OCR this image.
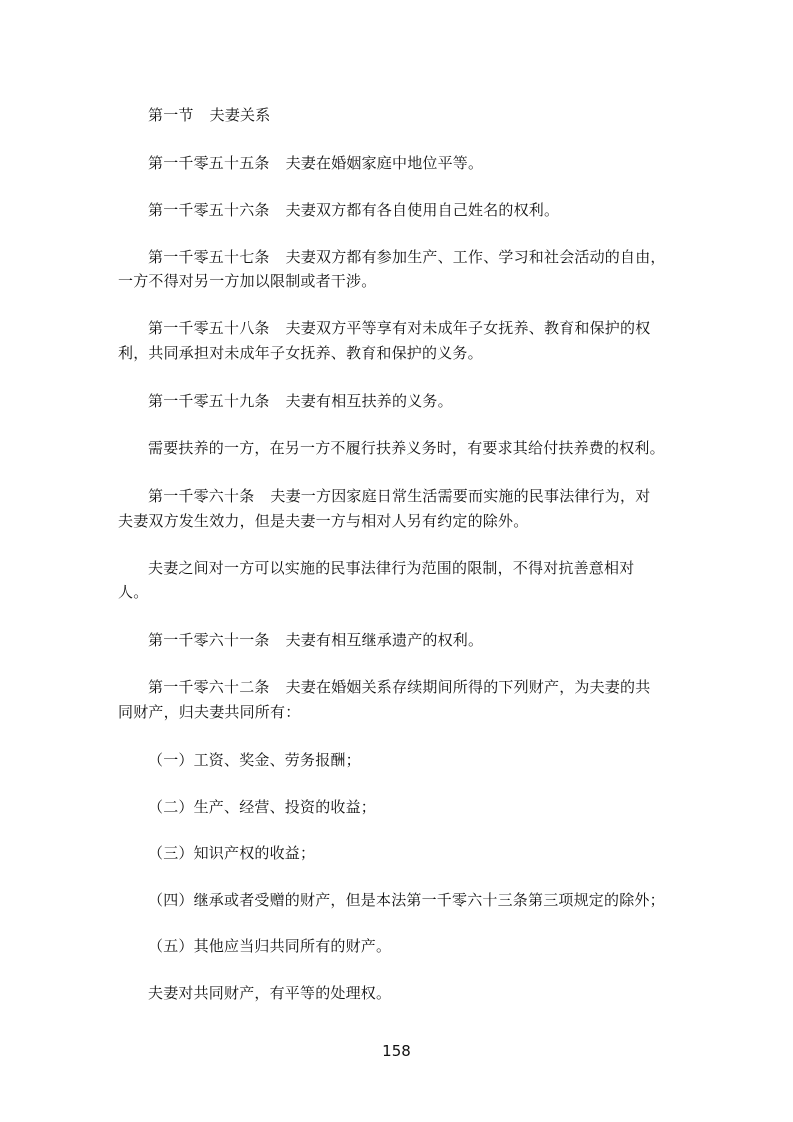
第一节 夫妻关系
第一千零五十五条 夫妻在婚姻家庭中地位平等。
第一千零五十六条 夫妻双方都有各自使用自己姓名的权利。
第一千零五十七条 夫妻双方都有参加生产、工作、学习和社会活动的自由，
一方不得对另一方加以限制或者干涉。
第一千零五十八条 夫妻双方平等享有对未成年子女抚养、教育和保护的权
利，共同承担对未成年子女抚养、教育和保护的义务。
第一千零五十九条 夫妻有相互扶养的义务。
需要扶养的一方，在另一方不履行扶养义务时，有要求其给付扶养费的权利。
第一千零六十条 夫妻一方因家庭日常生活需要而实施的民事法律行为，对
夫妻双方发生效力，但是夫妻一方与相对人另有约定的除外。
夫妻之间对一方可以实施的民事法律行为范围的限制，不得对抗善意相对
人。
第一千零六十一条 夫妻有相互继承遗产的权利。
第一千零六十二条 夫妻在婚姻关系存续期间所得的下列财产，为夫妻的共
同财产，归夫妻共同所有：
（一）工资、奖金、劳务报酬；
（二）生产、经营、投资的收益；
（三）知识产权的收益；
（四）继承或者受赠的财产，但是本法第一千零六十三条第三项规定的除外；
（五）其他应当归共同所有的财产。
夫妻对共同财产，有平等的处理权。
158
